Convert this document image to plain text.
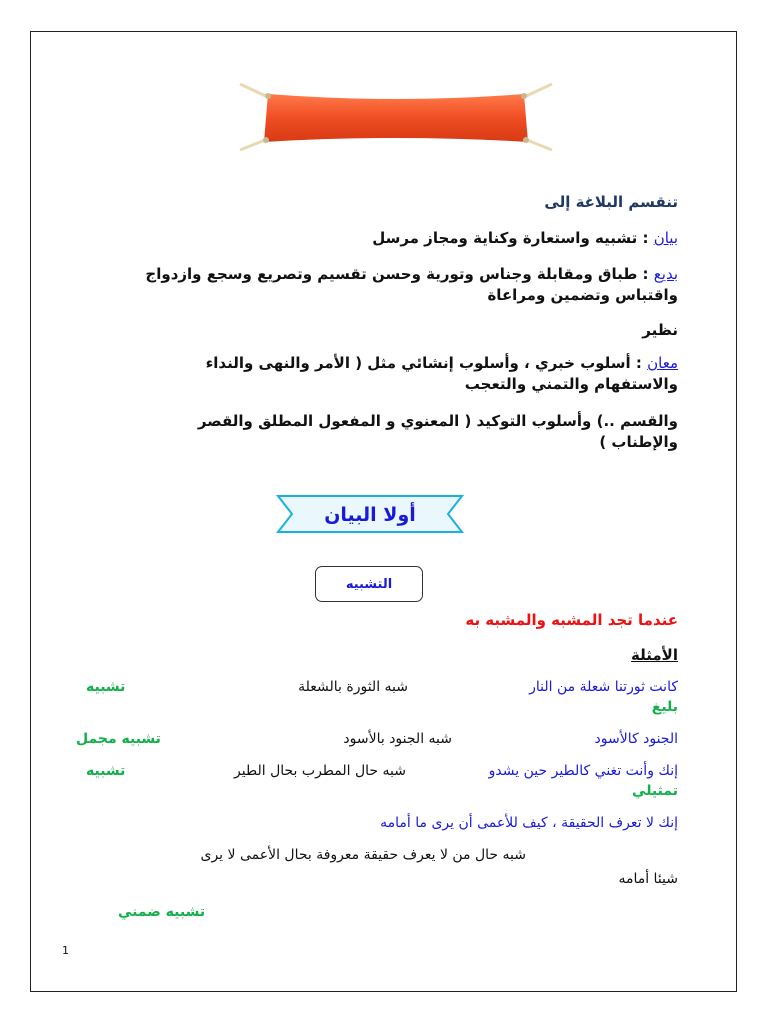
تنقسم البلاغة إلى
بيان : تشبيه واستعارة وكناية ومجاز مرسل
بديع : طباق ومقابلة وجناس وتورية وحسن تقسيم وتصريع وسجع وازدواج
واقتباس وتضمين ومراعاة
نظير
معان : أسلوب خبري ، وأسلوب إنشائي مثل ( الأمر والنهى والنداء
والاستفهام والتمني والتعجب
والقسم ..) وأسلوب التوكيد ( المعنوي و المفعول المطلق والقصر
والإطناب )
أولا البيان
التشبيه
عندما تجد المشبه والمشبه به
الأمثلة
كانت ثورتنا شعلة من النار
شبه الثورة بالشعلة
تشبيه
بليغ
الجنود كالأسود
شبه الجنود بالأسود
تشبيه مجمل
إنك وأنت تغني كالطير حين يشدو
شبه حال المطرب بحال الطير
تشبيه
تمثيلي
إنك لا تعرف الحقيقة ، كيف للأعمى أن يرى ما أمامه
شبه حال من لا يعرف حقيقة معروفة بحال الأعمى لا يرى
شيئا أمامه
تشبيه ضمني
1
